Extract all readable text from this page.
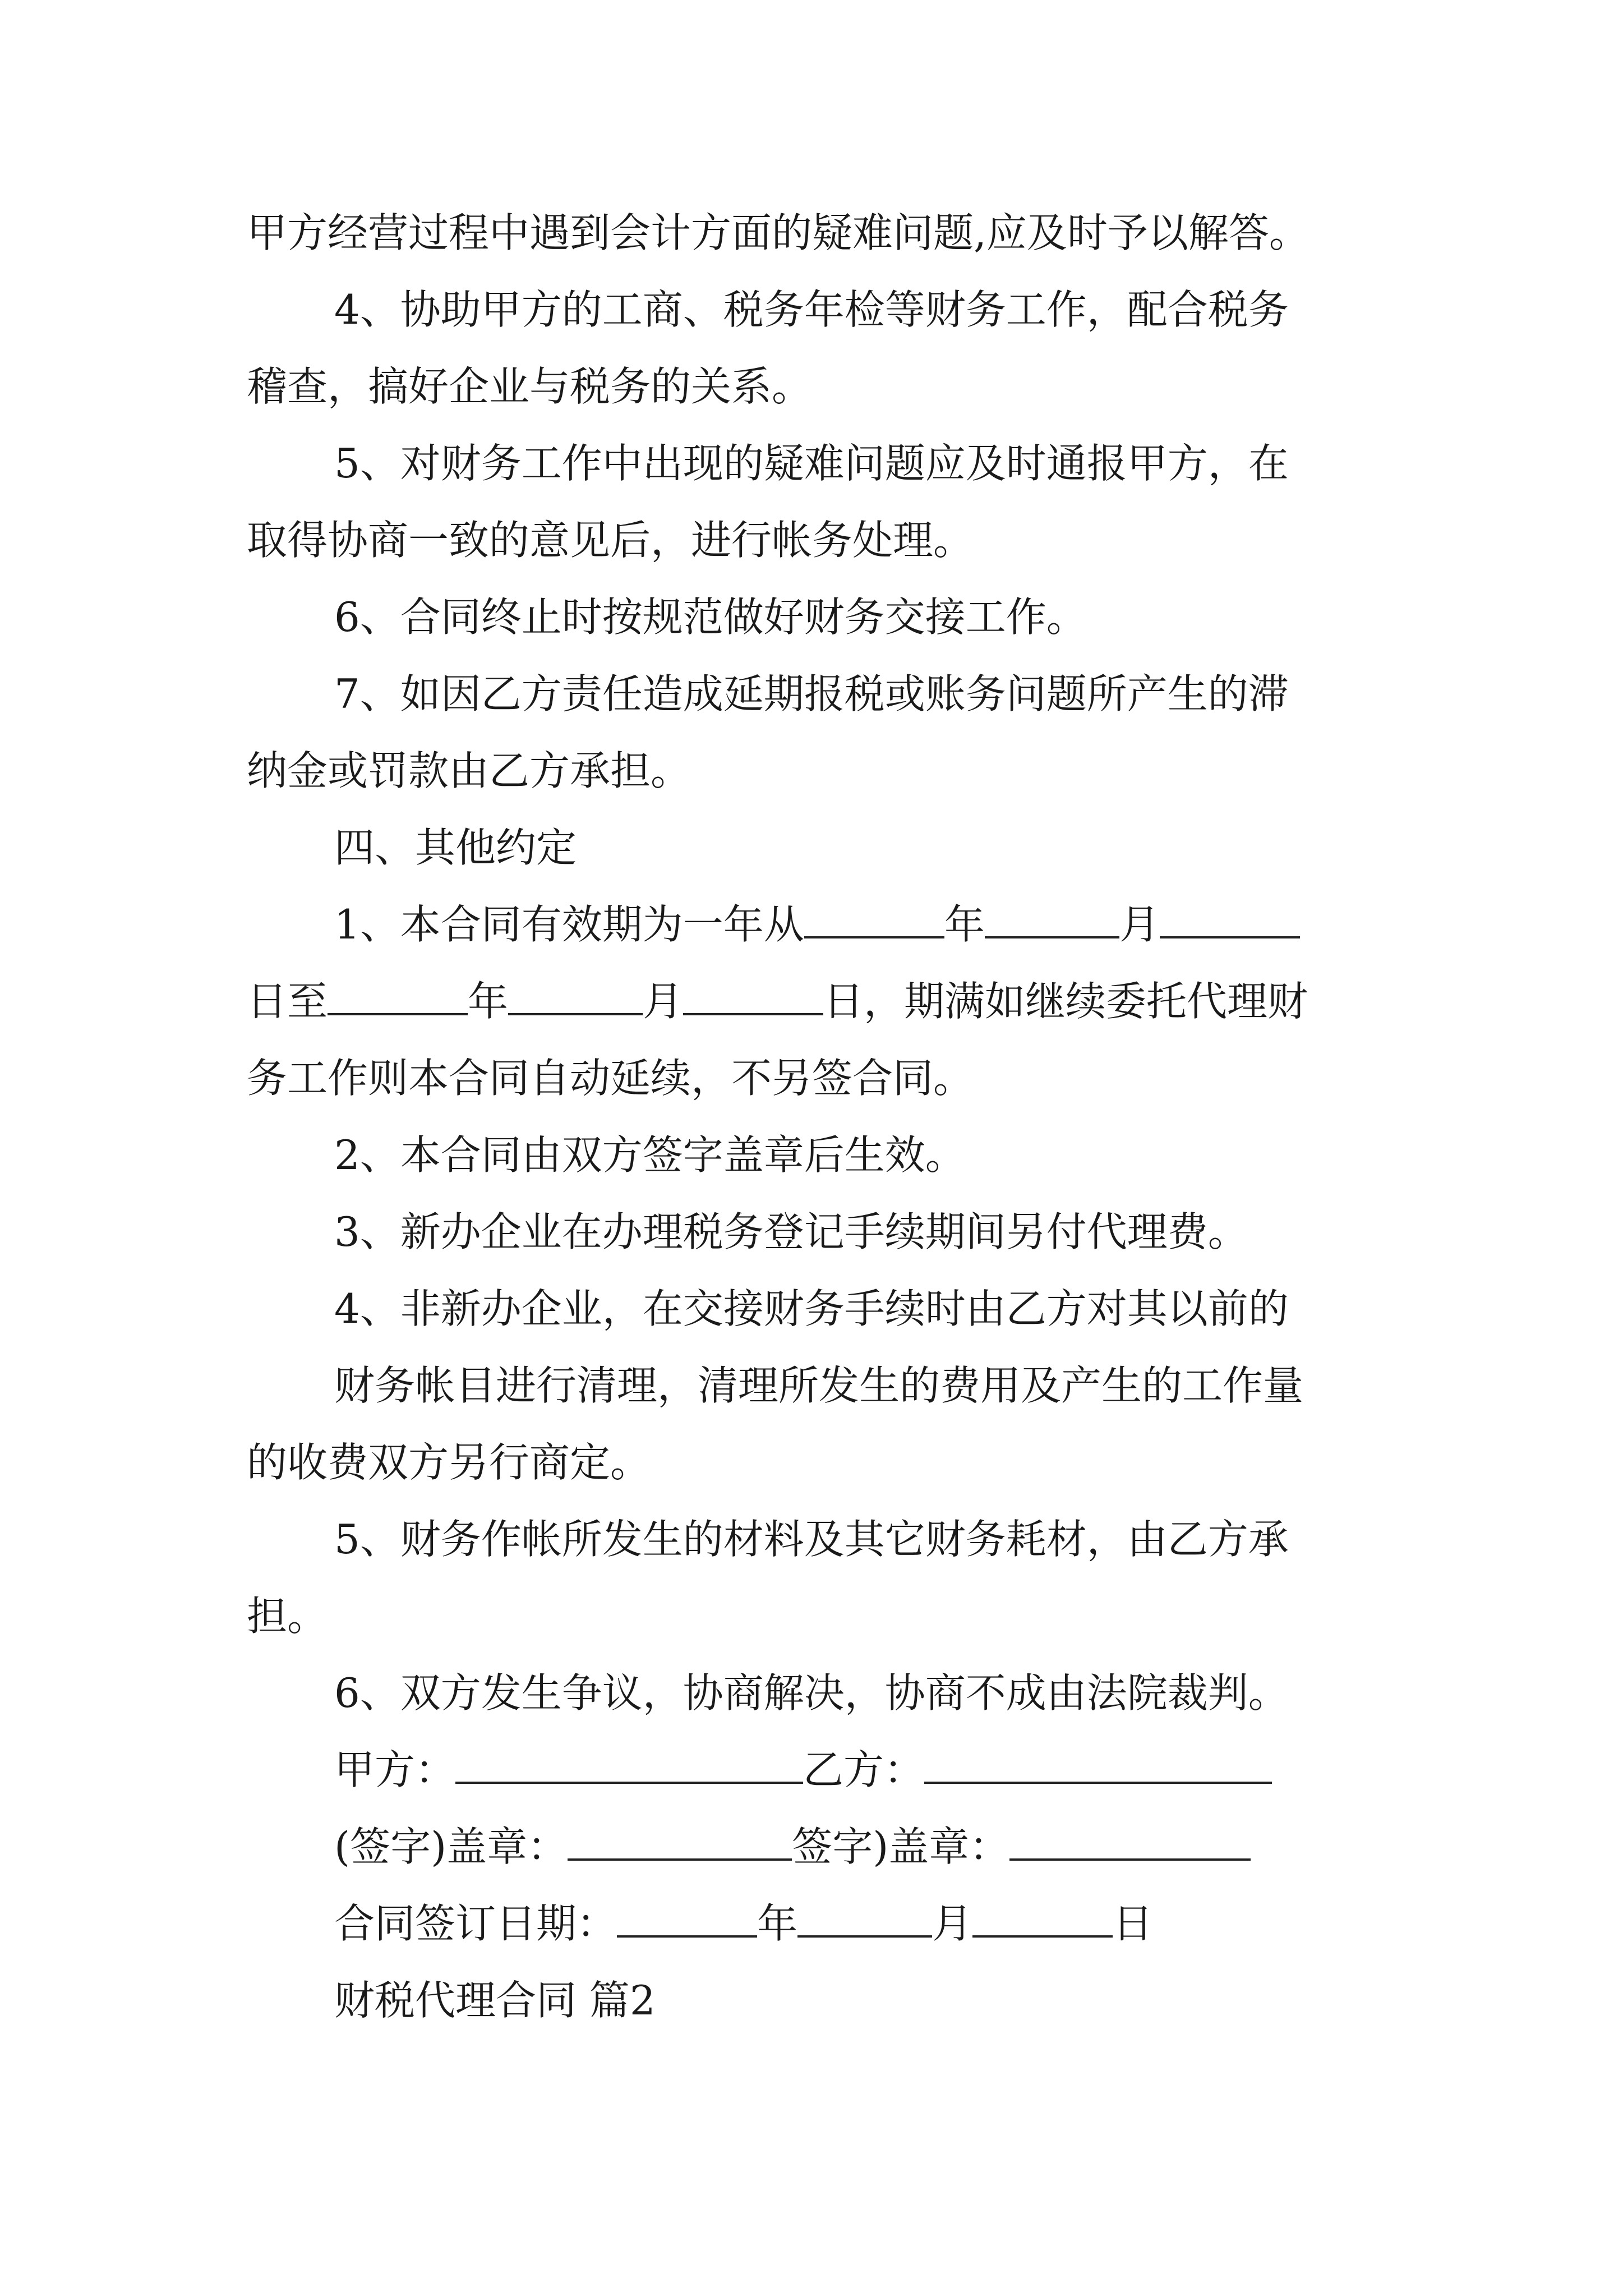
甲方经营过程中遇到会计方面的疑难问题,应及时予以解答。
4、协助甲方的工商、税务年检等财务工作，配合税务
稽查，搞好企业与税务的关系。
5、对财务工作中出现的疑难问题应及时通报甲方，在
取得协商一致的意见后，进行帐务处理。
6、合同终止时按规范做好财务交接工作。
7、如因乙方责任造成延期报税或账务问题所产生的滞
纳金或罚款由乙方承担。
四、其他约定
1、本合同有效期为一年从	年	月
日至	年	月	日，期满如继续委托代理财
务工作则本合同自动延续，不另签合同。
2、本合同由双方签字盖章后生效。
3、新办企业在办理税务登记手续期间另付代理费。
4、非新办企业，在交接财务手续时由乙方对其以前的
财务帐目进行清理，清理所发生的费用及产生的工作量
的收费双方另行商定。
5、财务作帐所发生的材料及其它财务耗材，由乙方承
担。
6、双方发生争议，协商解决，协商不成由法院裁判。
甲方：	乙方：
(签字)盖章：	签字)盖章：
合同签订日期：	年	月	日
财税代理合同 篇2
